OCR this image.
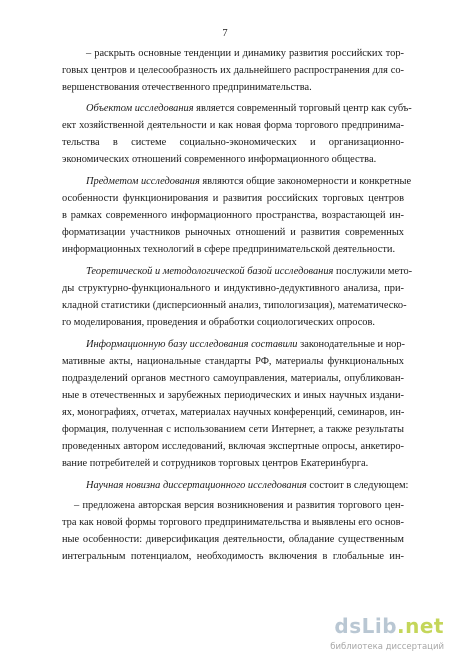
7
– раскрыть основные тенденции и динамику развития российских тор-
говых центров и целесообразность их дальнейшего распространения для со-
вершенствования отечественного предпринимательства.
Объектом исследования является современный торговый центр как субъ-
ект хозяйственной деятельности и как новая форма торгового предпринима-
тельства в системе социально-экономических и организационно-
экономических отношений современного информационного общества.
Предметом исследования являются общие закономерности и конкретные
особенности функционирования и развития российских торговых центров
в рамках современного информационного пространства, возрастающей ин-
форматизации участников рыночных отношений и развития современных
информационных технологий в сфере предпринимательской деятельности.
Теоретической и методологической базой исследования послужили мето-
ды структурно-функционального и индуктивно-дедуктивного анализа, при-
кладной статистики (дисперсионный анализ, типологизация), математическо-
го моделирования, проведения и обработки социологических опросов.
Информационную базу исследования составили законодательные и нор-
мативные акты, национальные стандарты РФ, материалы функциональных
подразделений органов местного самоуправления, материалы, опубликован-
ные в отечественных и зарубежных периодических и иных научных издани-
ях, монографиях, отчетах, материалах научных конференций, семинаров, ин-
формация, полученная с использованием сети Интернет, а также результаты
проведенных автором исследований, включая экспертные опросы, анкетиро-
вание потребителей и сотрудников торговых центров Екатеринбурга.
Научная новизна диссертационного исследования состоит в следующем:
– предложена авторская версия возникновения и развития торгового цен-
тра как новой формы торгового предпринимательства и выявлены его основ-
ные особенности: диверсификация деятельности, обладание существенным
интегральным потенциалом, необходимость включения в глобальные ин-
dsLib.net
библиотека диссертаций
